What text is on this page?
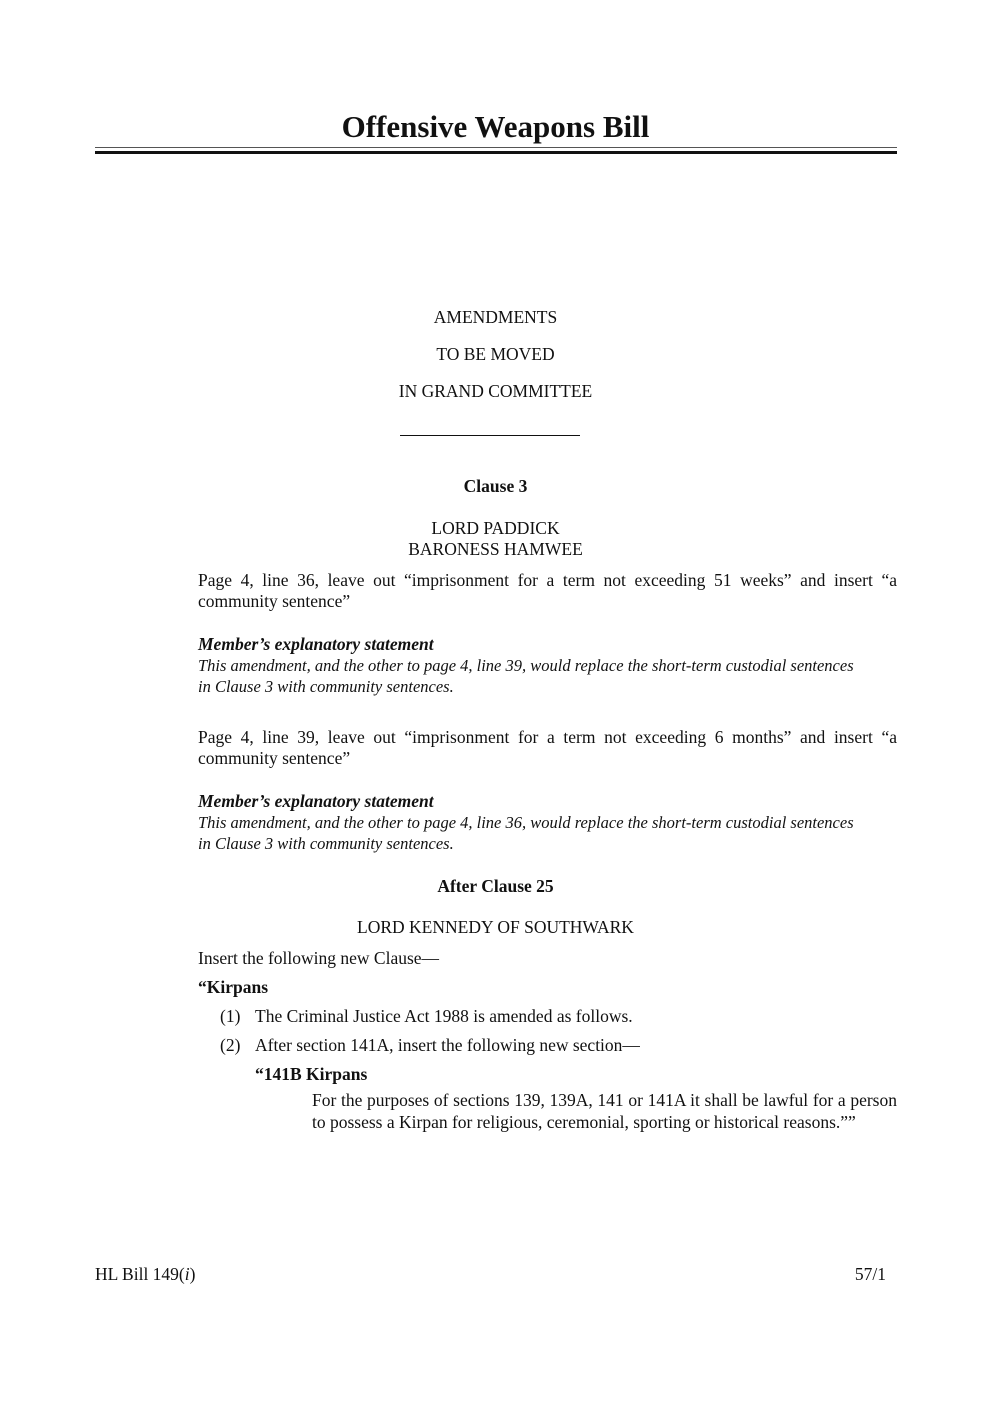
Offensive Weapons Bill
AMENDMENTS
TO BE MOVED
IN GRAND COMMITTEE
Clause 3
LORD PADDICK
BARONESS HAMWEE
Page 4, line 36, leave out “imprisonment for a term not exceeding 51 weeks” and insert “a community sentence”
Member’s explanatory statement
This amendment, and the other to page 4, line 39, would replace the short-term custodial sentences in Clause 3 with community sentences.
Page 4, line 39, leave out “imprisonment for a term not exceeding 6 months” and insert “a community sentence”
Member’s explanatory statement
This amendment, and the other to page 4, line 36, would replace the short-term custodial sentences in Clause 3 with community sentences.
After Clause 25
LORD KENNEDY OF SOUTHWARK
Insert the following new Clause—
“Kirpans
(1) The Criminal Justice Act 1988 is amended as follows.
(2) After section 141A, insert the following new section—
“141B Kirpans
For the purposes of sections 139, 139A, 141 or 141A it shall be lawful for a person to possess a Kirpan for religious, ceremonial, sporting or historical reasons.””
HL Bill 149(i)	57/1
